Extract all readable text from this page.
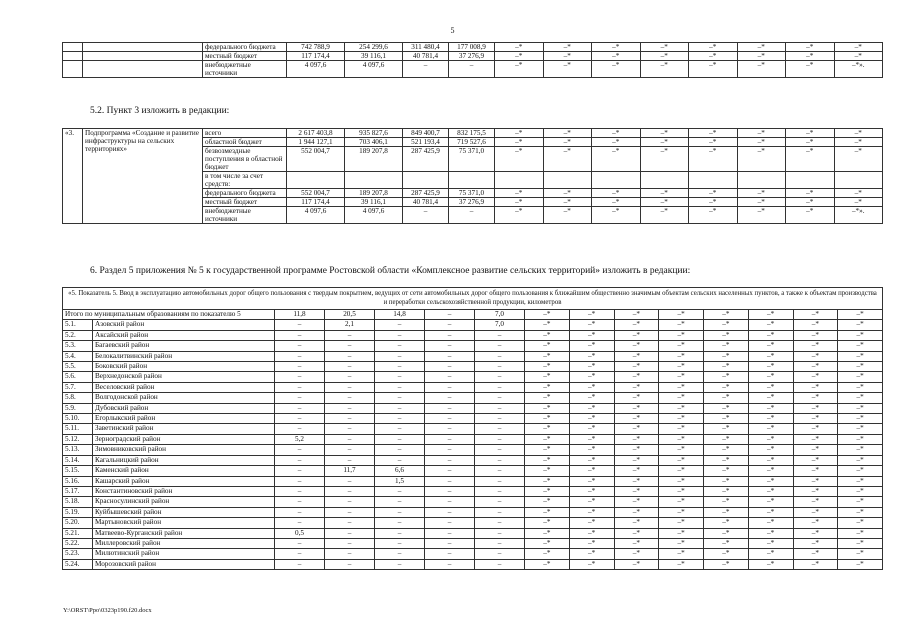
5
		федерального бюджета	742 788,9	254 299,6	311 480,4	177 008,9	–*	–*	–*	–*	–*	–*	–*	–*
		местный бюджет	117 174,4	39 116,1	40 781,4	37 276,9	–*	–*	–*	–*	–*	–*	–*	–*
		внебюджетные источники	4 097,6	4 097,6	–	–	–*	–*	–*	–*	–*	–*	–*	–*».
5.2. Пункт 3 изложить в редакции:
«3.	Подпрограмма «Создание и развитие инфраструктуры на сельских территориях»	всего	2 617 403,8	935 827,6	849 400,7	832 175,5	–*	–*	–*	–*	–*	–*	–*	–*
		областной бюджет	1 944 127,1	703 406,1	521 193,4	719 527,6	–*	–*	–*	–*	–*	–*	–*	–*
		безвозмездные поступления в областной бюджет	552 004,7	189 207,8	287 425,9	75 371,0	–*	–*	–*	–*	–*	–*	–*	–*
		в том числе за счет средств:												
		федерального бюджета	552 004,7	189 207,8	287 425,9	75 371,0	–*	–*	–*	–*	–*	–*	–*	–*
		местный бюджет	117 174,4	39 116,1	40 781,4	37 276,9	–*	–*	–*	–*	–*	–*	–*	–*
		внебюджетные источники	4 097,6	4 097,6	–	–	–*	–*	–*	–*	–*	–*	–*	–*».
6. Раздел 5 приложения № 5 к государственной программе Ростовской области «Комплексное развитие сельских территорий» изложить в редакции:
«5. Показатель 5. Ввод в эксплуатацию автомобильных дорог общего пользования с твердым покрытием, ведущих от сети автомобильных дорог общего пользования к ближайшим общественно значимым объектам сельских населенных пунктов, а также к объектам производства и переработки сельскохозяйственной продукции, километров														
Итого по муниципальным образованиям по показателю 5		11,8	20,5	14,8	–	7,0	–*	–*	–*	–*	–*	–*	–*	–*
5.1.	Азовский район	–	2,1	–	–	7,0	–*	–*	–*	–*	–*	–*	–*	–*
5.2.	Аксайский район	–	–	–	–	–	–*	–*	–*	–*	–*	–*	–*	–*
5.3.	Багаевский район	–	–	–	–	–	–*	–*	–*	–*	–*	–*	–*	–*
5.4.	Белокалитвинский район	–	–	–	–	–	–*	–*	–*	–*	–*	–*	–*	–*
5.5.	Боковский район	–	–	–	–	–	–*	–*	–*	–*	–*	–*	–*	–*
5.6.	Верхнедонской район	–	–	–	–	–	–*	–*	–*	–*	–*	–*	–*	–*
5.7.	Веселовский район	–	–	–	–	–	–*	–*	–*	–*	–*	–*	–*	–*
5.8.	Волгодонской район	–	–	–	–	–	–*	–*	–*	–*	–*	–*	–*	–*
5.9.	Дубовский район	–	–	–	–	–	–*	–*	–*	–*	–*	–*	–*	–*
5.10.	Егорлыкский район	–	–	–	–	–	–*	–*	–*	–*	–*	–*	–*	–*
5.11.	Заветинский район	–	–	–	–	–	–*	–*	–*	–*	–*	–*	–*	–*
5.12.	Зерноградский район	5,2	–	–	–	–	–*	–*	–*	–*	–*	–*	–*	–*
5.13.	Зимовниковский район	–	–	–	–	–	–*	–*	–*	–*	–*	–*	–*	–*
5.14.	Кагальницкий район	–	–	–	–	–	–*	–*	–*	–*	–*	–*	–*	–*
5.15.	Каменский район	–	11,7	6,6	–	–	–*	–*	–*	–*	–*	–*	–*	–*
5.16.	Кашарский район	–	–	1,5	–	–	–*	–*	–*	–*	–*	–*	–*	–*
5.17.	Константиновский район	–	–	–	–	–	–*	–*	–*	–*	–*	–*	–*	–*
5.18.	Красносулинский район	–	–	–	–	–	–*	–*	–*	–*	–*	–*	–*	–*
5.19.	Куйбышевский район	–	–	–	–	–	–*	–*	–*	–*	–*	–*	–*	–*
5.20.	Мартыновский район	–	–	–	–	–	–*	–*	–*	–*	–*	–*	–*	–*
5.21.	Матвеево-Курганский район	0,5	–	–	–	–	–*	–*	–*	–*	–*	–*	–*	–*
5.22.	Миллеровский район	–	–	–	–	–	–*	–*	–*	–*	–*	–*	–*	–*
5.23.	Милютинский район	–	–	–	–	–	–*	–*	–*	–*	–*	–*	–*	–*
5.24.	Морозовский район	–	–	–	–	–	–*	–*	–*	–*	–*	–*	–*	–*
Y:\ORST\Ppo\0323p190.f20.docx
